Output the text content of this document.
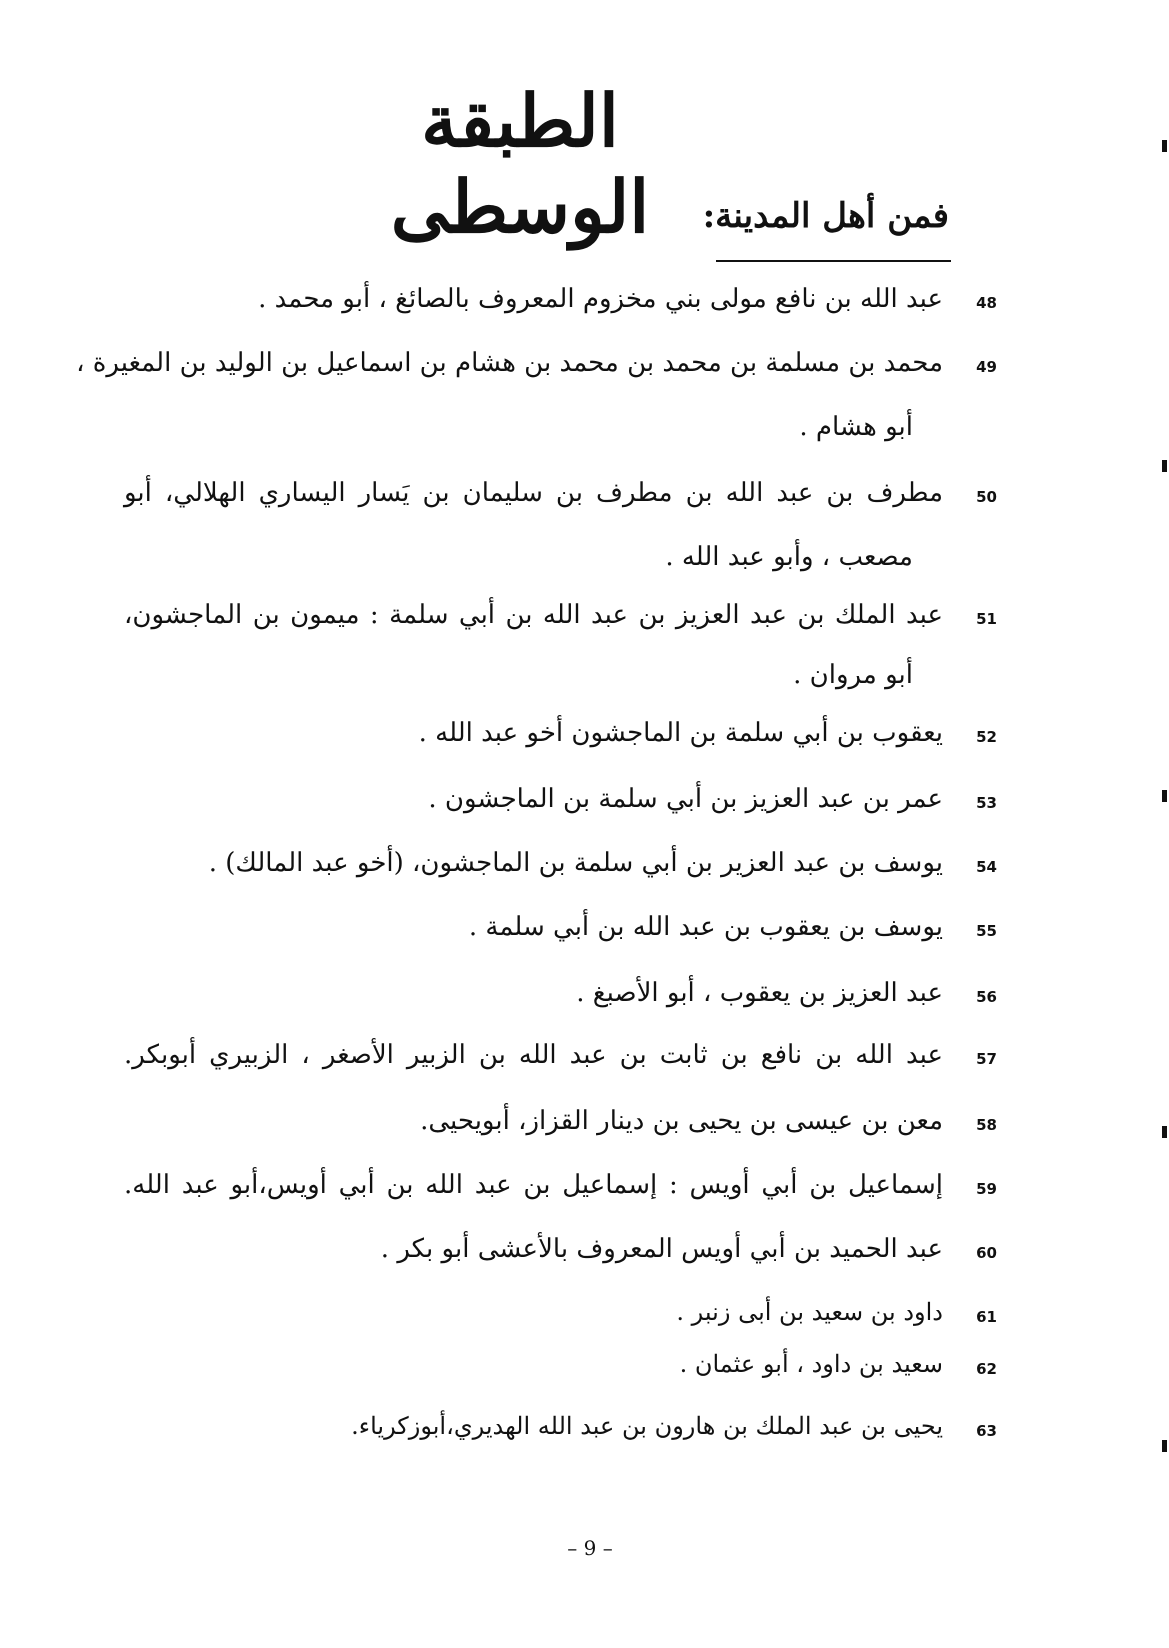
الطبقة الوسطى	فمن أهل المدينة:
48
عبد الله بن نافع مولى بني مخزوم المعروف بالصائغ ، أبو محمد .
49
محمد بن مسلمة بن محمد بن محمد بن هشام بن اسماعيل بن الوليد بن المغيرة ،
أبو هشام .
50
مطرف بن عبد الله بن مطرف بن سليمان بن يَسار اليساري الهلالي، أبو
مصعب ، وأبو عبد الله .
51
عبد الملك بن عبد العزيز بن عبد الله بن أبي سلمة : ميمون بن الماجشون،
أبو مروان .
52
يعقوب بن أبي سلمة بن الماجشون أخو عبد الله .
53
عمر بن عبد العزيز بن أبي سلمة بن الماجشون .
54
يوسف بن عبد العزير بن أبي سلمة بن الماجشون، (أخو عبد المالك) .
55
يوسف بن يعقوب بن عبد الله بن أبي سلمة .
56
عبد العزيز بن يعقوب ، أبو الأصبغ .
57
عبد الله بن نافع بن ثابت بن عبد الله بن الزبير الأصغر ، الزبيري أبوبكر.
58
معن بن عيسى بن يحيى بن دينار القزاز، أبويحيى.
59
إسماعيل بن أبي أويس : إسماعيل بن عبد الله بن أبي أويس،أبو عبد الله.
60
عبد الحميد بن أبي أويس المعروف بالأعشى أبو بكر .
61
داود بن سعيد بن أبى زنبر .
62
سعيد بن داود ، أبو عثمان .
63
يحيى بن عبد الملك بن هارون بن عبد الله الهديري،أبوزكرياء.
– 9 –
